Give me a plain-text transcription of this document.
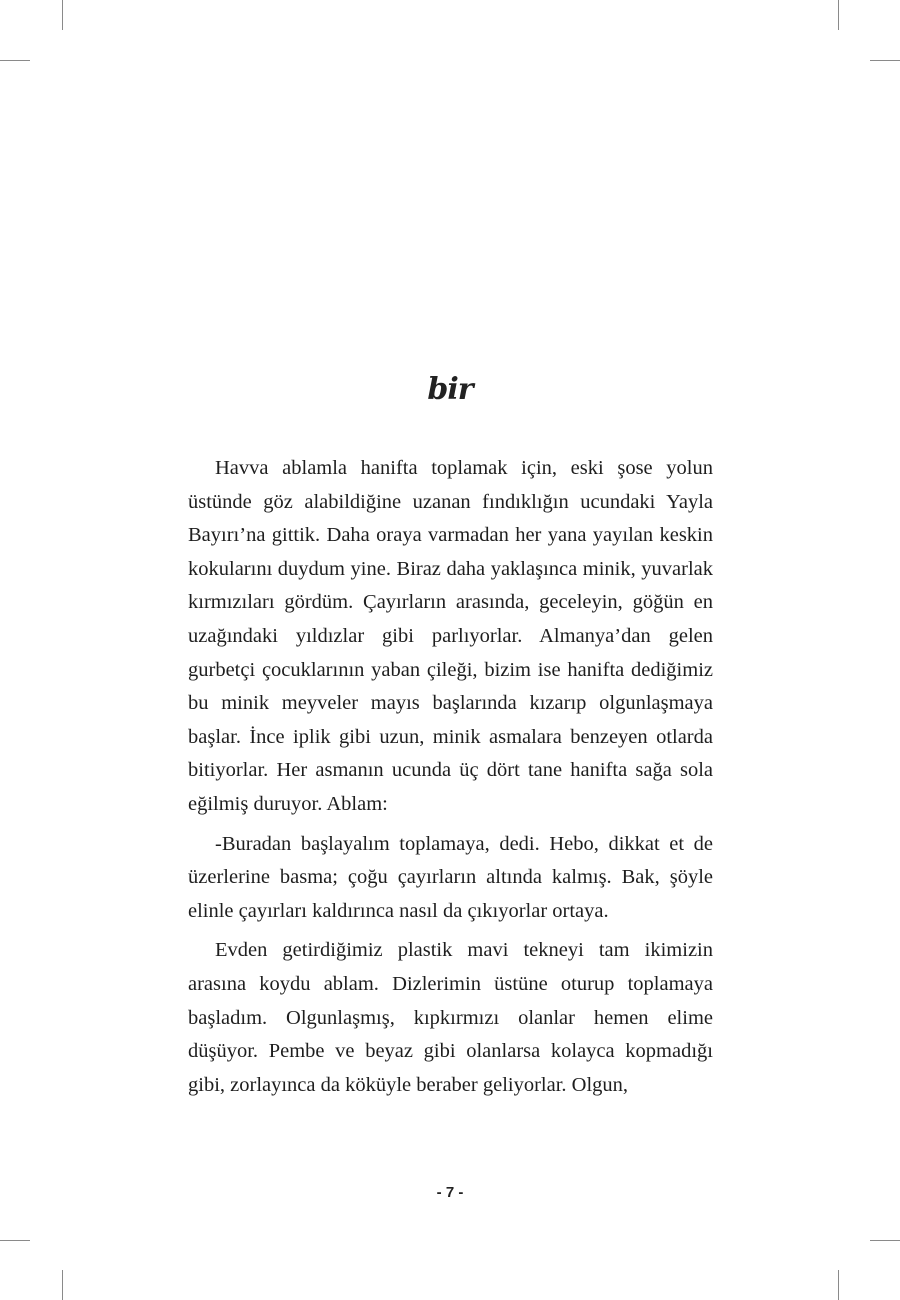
bir

Havva ablamla hanifta toplamak için, eski şose yolun üstünde göz alabildiğine uzanan fındıklığın ucundaki Yayla Bayırı’na gittik. Daha oraya varmadan her yana yayılan keskin kokularını duydum yine. Biraz daha yaklaşınca minik, yuvarlak kırmızıları gördüm. Çayırların arasında, geceleyin, göğün en uzağındaki yıldızlar gibi parlıyorlar. Almanya’dan gelen gurbetçi çocuklarının yaban çileği, bizim ise hanifta dediğimiz bu minik meyveler mayıs başlarında kızarıp olgunlaşmaya başlar. İnce iplik gibi uzun, minik asmalara benzeyen otlarda bitiyorlar. Her asmanın ucunda üç dört tane hanifta sağa sola eğilmiş duruyor. Ablam:

-Buradan başlayalım toplamaya, dedi. Hebo, dikkat et de üzerlerine basma; çoğu çayırların altında kalmış. Bak, şöyle elinle çayırları kaldırınca nasıl da çıkıyorlar ortaya.

Evden getirdiğimiz plastik mavi tekneyi tam ikimizin arasına koydu ablam. Dizlerimin üstüne oturup toplamaya başladım. Olgunlaşmış, kıpkırmızı olanlar hemen elime düşüyor. Pembe ve beyaz gibi olanlarsa kolayca kopmadığı gibi, zorlayınca da köküyle beraber geliyorlar. Olgun,

- 7 -
